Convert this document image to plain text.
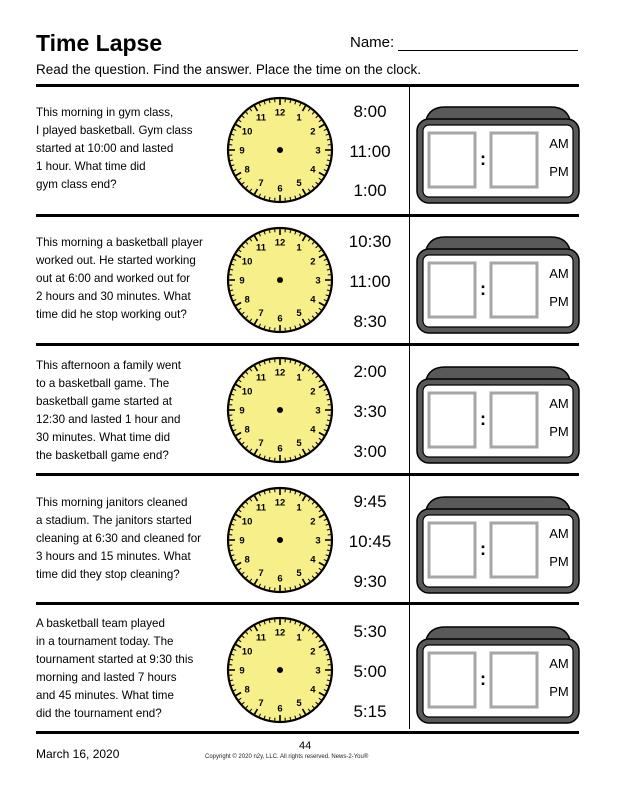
Time Lapse	Name:
Read the question. Find the answer. Place the time on the clock.
This morning in gym class,
I played basketball. Gym class
started at 10:00 and lasted
1 hour. What time did
gym class end?
12 1
2
3
4
5
6
7
8
9
10
11	8:00
11:00
1:00
:
AM
PM
This morning a basketball player
worked out. He started working
out at 6:00 and worked out for
2 hours and 30 minutes. What
time did he stop working out?
12 1
2
3
4
5
6
7
8
9
10
11	10:30
11:00
8:30
:
AM
PM
This afternoon a family went
to a basketball game. The
basketball game started at
12:30 and lasted 1 hour and
30 minutes. What time did
the basketball game end?
12 1
2
3
4
5
6
7
8
9
10
11	2:00
3:30
3:00
:
AM
PM
This morning janitors cleaned
a stadium. The janitors started
cleaning at 6:30 and cleaned for
3 hours and 15 minutes. What
time did they stop cleaning?
12 1
2
3
4
5
6
7
8
9
10
11	9:45
10:45
9:30
:
AM
PM
A basketball team played
in a tournament today. The
tournament started at 9:30 this
morning and lasted 7 hours
and 45 minutes. What time
did the tournament end?
12 1
2
3
4
5
6
7
8
9
10
11	5:30
5:00
5:15
:
AM
PM
March 16, 2020
44
Copyright © 2020 n2y, LLC. All rights reserved. News-2-You®
